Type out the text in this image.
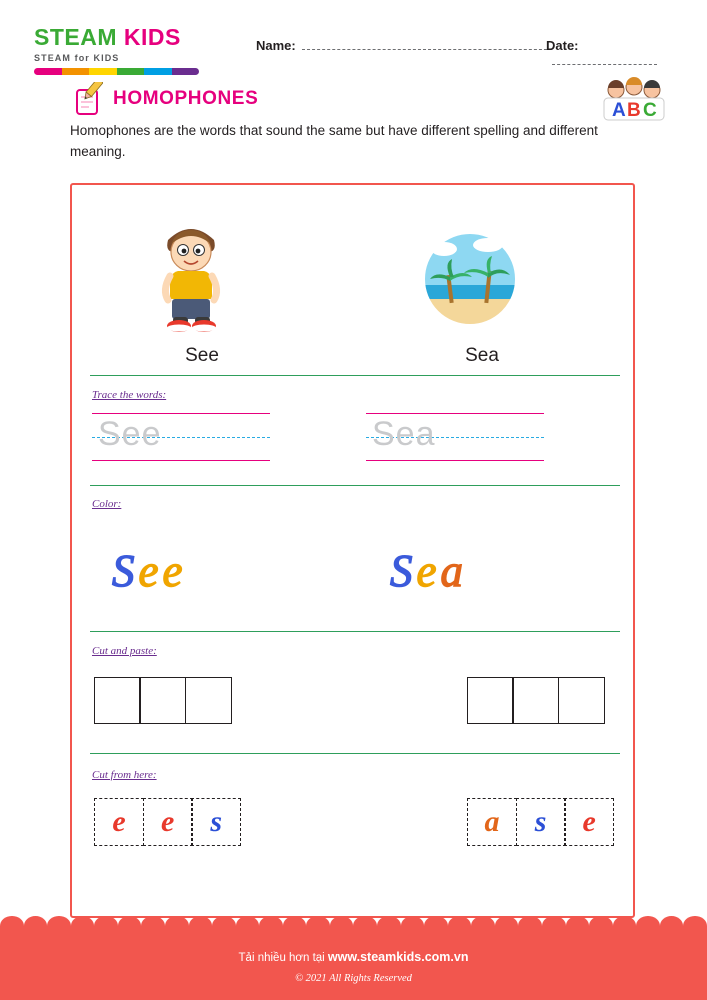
STEAM KIDS
STEAM for KIDS
Name:	Date:
HOMOPHONES
A B C
Homophones are the words that sound the same but have different spelling and different meaning.
See	Sea
Trace the words:
See	Sea
Color:
See	Sea
Cut and paste:
Cut from here:
e e s	a s e
Tải nhiều hơn tại www.steamkids.com.vn
© 2021 All Rights Reserved
